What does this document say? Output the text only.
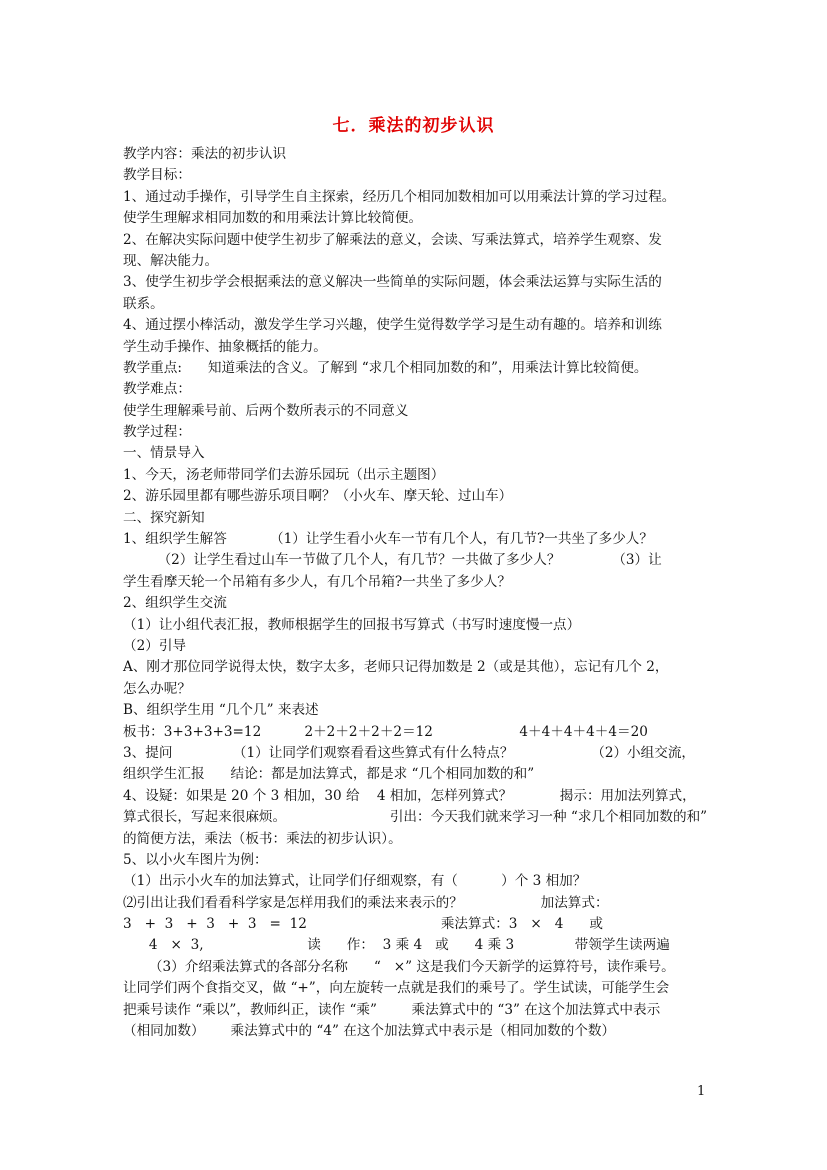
七．乘法的初步认识
教学内容：乘法的初步认识
教学目标：
1、通过动手操作，引导学生自主探索，经历几个相同加数相加可以用乘法计算的学习过程。
使学生理解求相同加数的和用乘法计算比较简便。
2、在解决实际问题中使学生初步了解乘法的意义，会读、写乘法算式，培养学生观察、发
现、解决能力。
3、使学生初步学会根据乘法的意义解决一些简单的实际问题，体会乘法运算与实际生活的
联系。
4、通过摆小棒活动，激发学生学习兴趣，使学生觉得数学学习是生动有趣的。培养和训练
学生动手操作、抽象概括的能力。
教学重点:      知道乘法的含义。了解到 “求几个相同加数的和”，用乘法计算比较简便。
教学难点：
使学生理解乘号前、后两个数所表示的不同意义
教学过程：
一、情景导入
1、今天，汤老师带同学们去游乐园玩（出示主题图）
2、游乐园里都有哪些游乐项目啊？（小火车、摩天轮、过山车）
二、探究新知
1、组织学生解答          （1）让学生看小火车一节有几个人，有几节?一共坐了多少人？
（2）让学生看过山车一节做了几个人，有几节？一共做了多少人？            （3）让
学生看摩天轮一个吊箱有多少人，有几个吊箱?一共坐了多少人？
2、组织学生交流
（1）让小组代表汇报，教师根据学生的回报书写算式（书写时速度慢一点）
（2）引导
A、刚才那位同学说得太快，数字太多，老师只记得加数是 2（或是其他），忘记有几个 2，
怎么办呢？
B、组织学生用 “几个几” 来表述
板书：3+3+3+3=12          2＋2＋2＋2＋2＝12                    4＋4＋4＋4＋4＝20
3、提问              （1）让同学们观察看看这些算式有什么特点？                  （2）小组交流，
组织学生汇报      结论：都是加法算式，都是求 “几个相同加数的和”
4、设疑：如果是 20 个 3 相加，30 给    4 相加，怎样列算式？           揭示：用加法列算式，
算式很长，写起来很麻烦。                        引出：今天我们就来学习一种 “求几个相同加数的和”
的简便方法，乘法（板书：乘法的初步认识）。
5、以小火车图片为例：
（1）出示小火车的加法算式，让同学们仔细观察，有（          ）个 3 相加？
⑵引出让我们看看科学家是怎样用我们的乘法来表示的？                  加法算式：
3   +  3   +  3   +  3   =  12                               乘法算式：3   ×   4      或
4   ×  3,                        读      作：  3 乘 4   或      4 乘 3              带领学生读两遍
（3）介绍乘法算式的各部分名称      “   ×” 这是我们今天新学的运算符号，读作乘号。
让同学们两个食指交叉，做 “+”，向左旋转一点就是我们的乘号了。学生试读，可能学生会
把乘号读作 “乘以”，教师纠正，读作 “乘”        乘法算式中的 “3” 在这个加法算式中表示
（相同加数）      乘法算式中的 “4” 在这个加法算式中表示是（相同加数的个数）
1
